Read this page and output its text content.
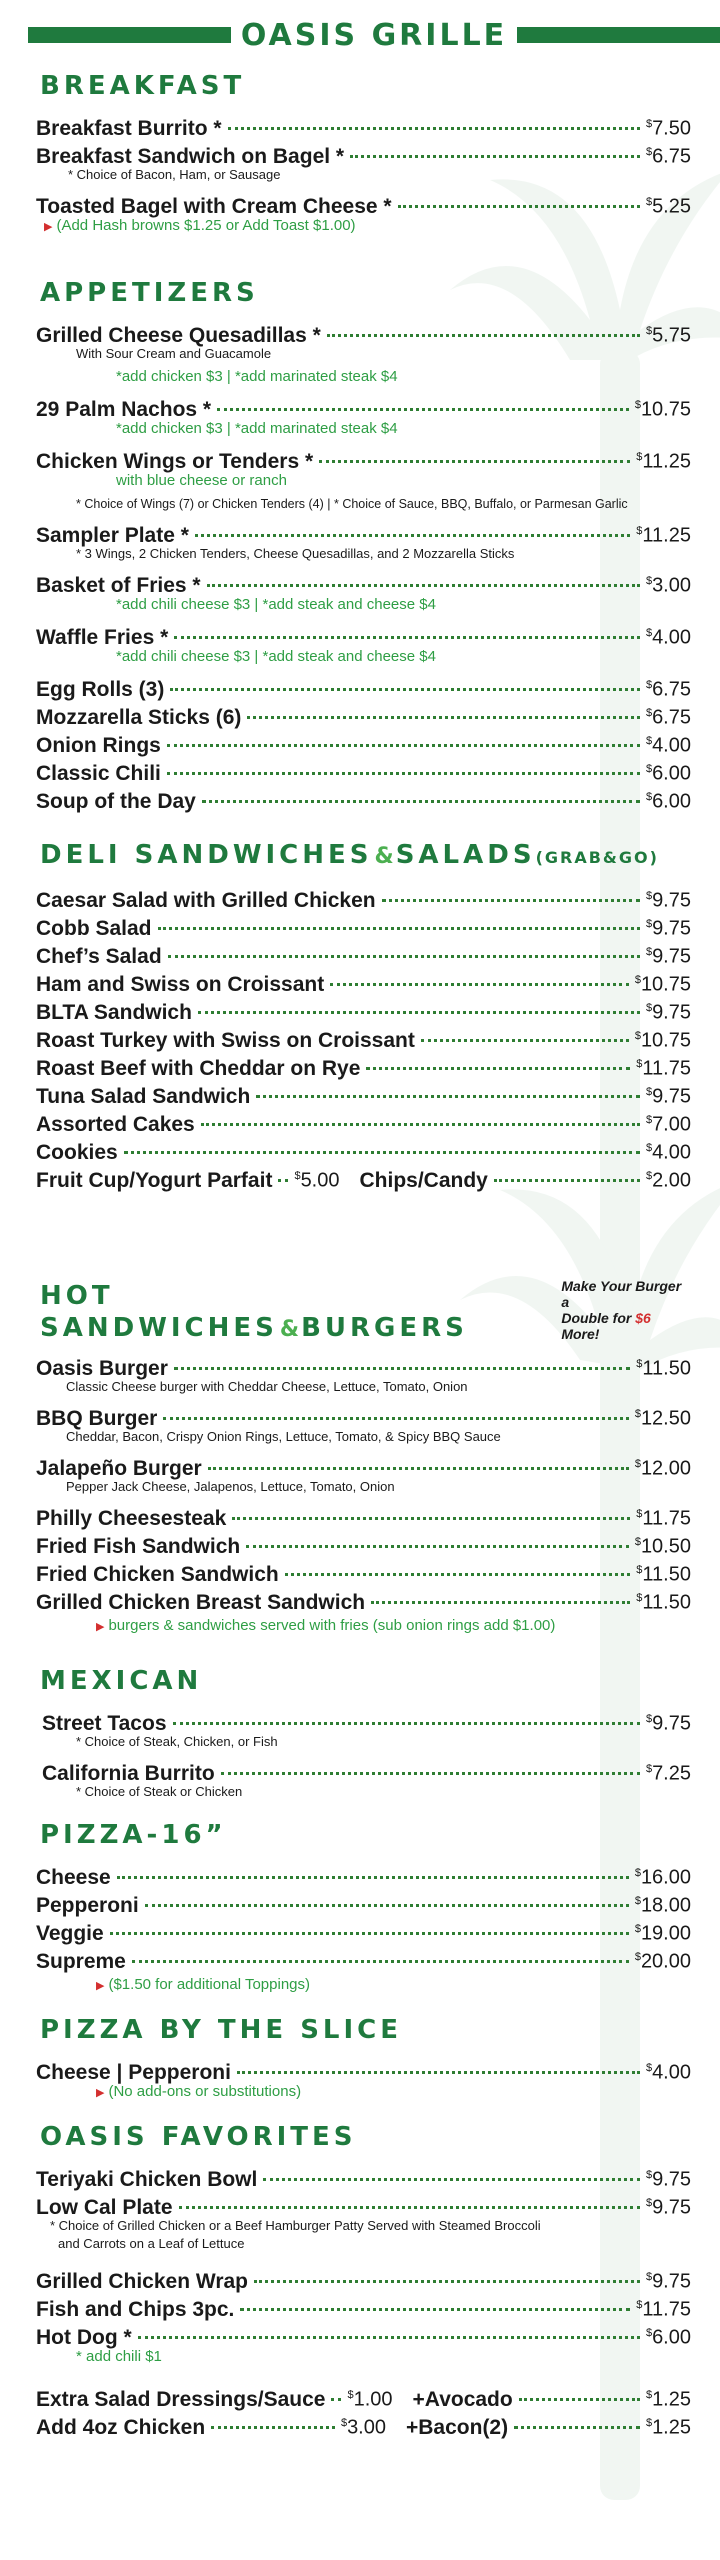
OASIS GRILLE
BREAKFAST
Breakfast Burrito *	$7.50
Breakfast Sandwich on Bagel *	$6.75
* Choice of Bacon, Ham, or Sausage
Toasted Bagel with Cream Cheese *	$5.25
▶ (Add Hash browns $1.25 or Add Toast $1.00)
APPETIZERS
Grilled Cheese Quesadillas *	$5.75
With Sour Cream and Guacamole
*add chicken $3 | *add marinated steak $4
29 Palm Nachos *	$10.75
*add chicken $3 | *add marinated steak $4
Chicken Wings or Tenders *	$11.25
with blue cheese or ranch
* Choice of Wings (7) or Chicken Tenders (4) | * Choice of Sauce, BBQ, Buffalo, or Parmesan Garlic
Sampler Plate *	$11.25
* 3 Wings, 2 Chicken Tenders, Cheese Quesadillas, and 2 Mozzarella Sticks
Basket of Fries *	$3.00
*add chili cheese $3 | *add steak and cheese $4
Waffle Fries *	$4.00
*add chili cheese $3 | *add steak and cheese $4
Egg Rolls (3)	$6.75
Mozzarella Sticks (6)	$6.75
Onion Rings	$4.00
Classic Chili	$6.00
Soup of the Day	$6.00
DELI SANDWICHES&SALADS(GRAB&GO)
Caesar Salad with Grilled Chicken	$9.75
Cobb Salad	$9.75
Chef’s Salad	$9.75
Ham and Swiss on Croissant	$10.75
BLTA Sandwich	$9.75
Roast Turkey with Swiss on Croissant	$10.75
Roast Beef with Cheddar on Rye	$11.75
Tuna Salad Sandwich	$9.75
Assorted Cakes	$7.00
Cookies	$4.00
Fruit Cup/Yogurt Parfait $5.00 Chips/Candy	$2.00
HOT SANDWICHES&BURGERS
Make Your Burger a
Double for $6 More!
Oasis Burger	$11.50
Classic Cheese burger with Cheddar Cheese, Lettuce, Tomato, Onion
BBQ Burger	$12.50
Cheddar, Bacon, Crispy Onion Rings, Lettuce, Tomato, & Spicy BBQ Sauce
Jalapeño Burger	$12.00
Pepper Jack Cheese, Jalapenos, Lettuce, Tomato, Onion
Philly Cheesesteak	$11.75
Fried Fish Sandwich	$10.50
Fried Chicken Sandwich	$11.50
Grilled Chicken Breast Sandwich	$11.50
▶ burgers & sandwiches served with fries (sub onion rings add $1.00)
MEXICAN
Street Tacos	$9.75
* Choice of Steak, Chicken, or Fish
California Burrito	$7.25
* Choice of Steak or Chicken
PIZZA-16”
Cheese	$16.00
Pepperoni	$18.00
Veggie	$19.00
Supreme	$20.00
▶ ($1.50 for additional Toppings)
PIZZA BY THE SLICE
Cheese | Pepperoni	$4.00
▶ (No add-ons or substitutions)
OASIS FAVORITES
Teriyaki Chicken Bowl	$9.75
Low Cal Plate	$9.75
* Choice of Grilled Chicken or a Beef Hamburger Patty Served with Steamed Broccoli
and Carrots on a Leaf of Lettuce
Grilled Chicken Wrap	$9.75
Fish and Chips 3pc.	$11.75
Hot Dog *	$6.00
* add chili $1
Extra Salad Dressings/Sauce $1.00 +Avocado	$1.25
Add 4oz Chicken	$3.00 +Bacon(2)	$1.25
